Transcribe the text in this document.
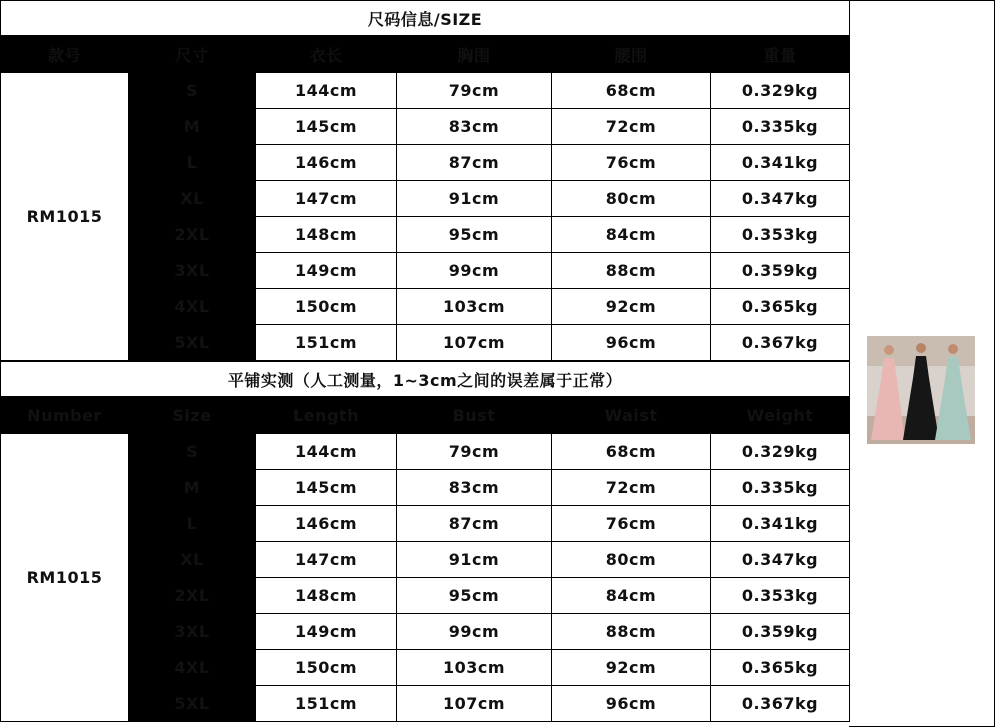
尺码信息/SIZE					
款号	尺寸	衣长	胸围	腰围	重量
RM1015	S	144cm	79cm	68cm	0.329kg
	M	145cm	83cm	72cm	0.335kg
	L	146cm	87cm	76cm	0.341kg
	XL	147cm	91cm	80cm	0.347kg
	2XL	148cm	95cm	84cm	0.353kg
	3XL	149cm	99cm	88cm	0.359kg
	4XL	150cm	103cm	92cm	0.365kg
	5XL	151cm	107cm	96cm	0.367kg
平铺实测（人工测量，1~3cm之间的误差属于正常）					
Number	Size	Length	Bust	Waist	Weight
RM1015	S	144cm	79cm	68cm	0.329kg
	M	145cm	83cm	72cm	0.335kg
	L	146cm	87cm	76cm	0.341kg
	XL	147cm	91cm	80cm	0.347kg
	2XL	148cm	95cm	84cm	0.353kg
	3XL	149cm	99cm	88cm	0.359kg
	4XL	150cm	103cm	92cm	0.365kg
	5XL	151cm	107cm	96cm	0.367kg
